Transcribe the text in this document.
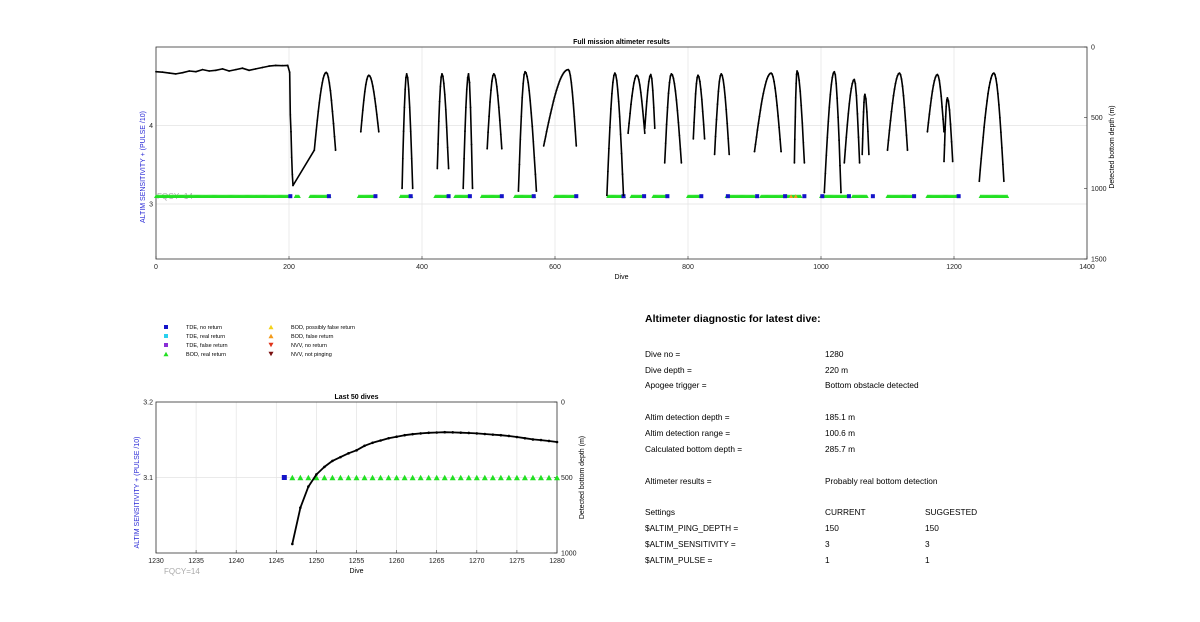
0	200	400	600	800	1000	1200	1400
3
4
0
500
1000
1500
Full mission altimeter results
Dive
ALTIM SENSITIVITY + (PULSE /10)	Detected bottom depth (m)
TDE, no return
TDE, real return
TDE, false return
BOD, real return
BOD, possibly false return
BOD, false return
NVV, no return
NVV, not pinging
1230	1235	1240	1245	1250	1255	1260	1265	1270	1275	1280
3.1
3.2	0
500
1000
Last 50 dives
Dive
ALTIM SENSITIVITY + (PULSE /10)	Detected bottom depth (m)
FQCY=14
Altimeter diagnostic for latest dive:
Dive no =	1280
Dive depth =	220 m
Apogee trigger =	Bottom obstacle detected
Altim detection depth =	185.1 m
Altim detection range =	100.6 m
Calculated bottom depth =	285.7 m
Altimeter results =	Probably real bottom detection
Settings	CURRENT	SUGGESTED
$ALTIM_PING_DEPTH =	150	150
$ALTIM_SENSITIVITY =	3	3
$ALTIM_PULSE =	1	1
